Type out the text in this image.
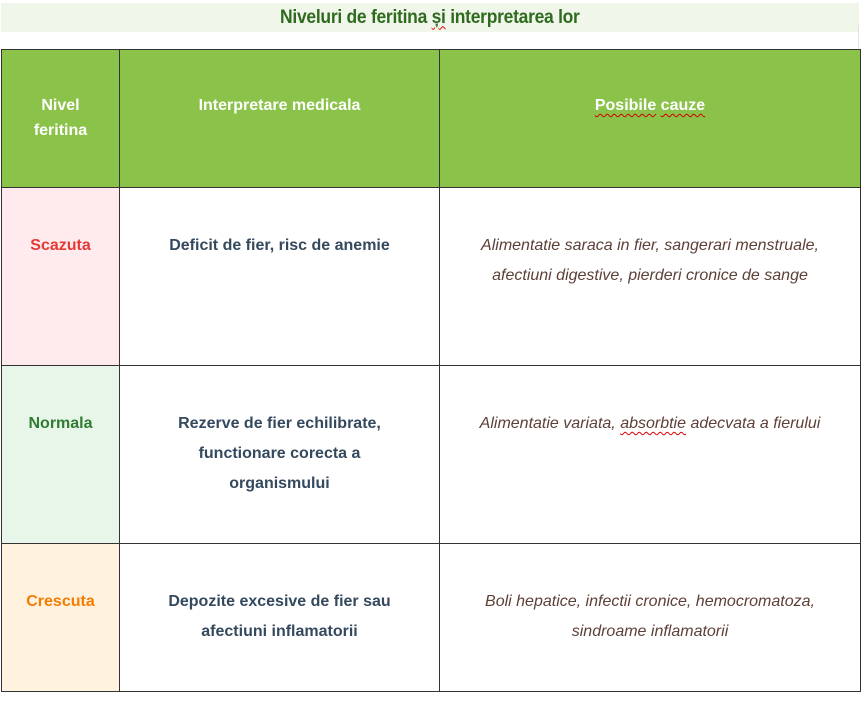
Niveluri de feritina și interpretarea lor
Nivel feritina	Interpretare medicala	Posibile cauze

Scazuta	Deficit de fier, risc de anemie	Alimentatie saraca in fier, sangerari menstruale, afectiuni digestive, pierderi cronice de sange

Normala	Rezerve de fier echilibrate, functionare corecta a organismului	Alimentatie variata, absorbtie adecvata a fierului

Crescuta	Depozite excesive de fier sau afectiuni inflamatorii	Boli hepatice, infectii cronice, hemocromatoza, sindroame inflamatorii
